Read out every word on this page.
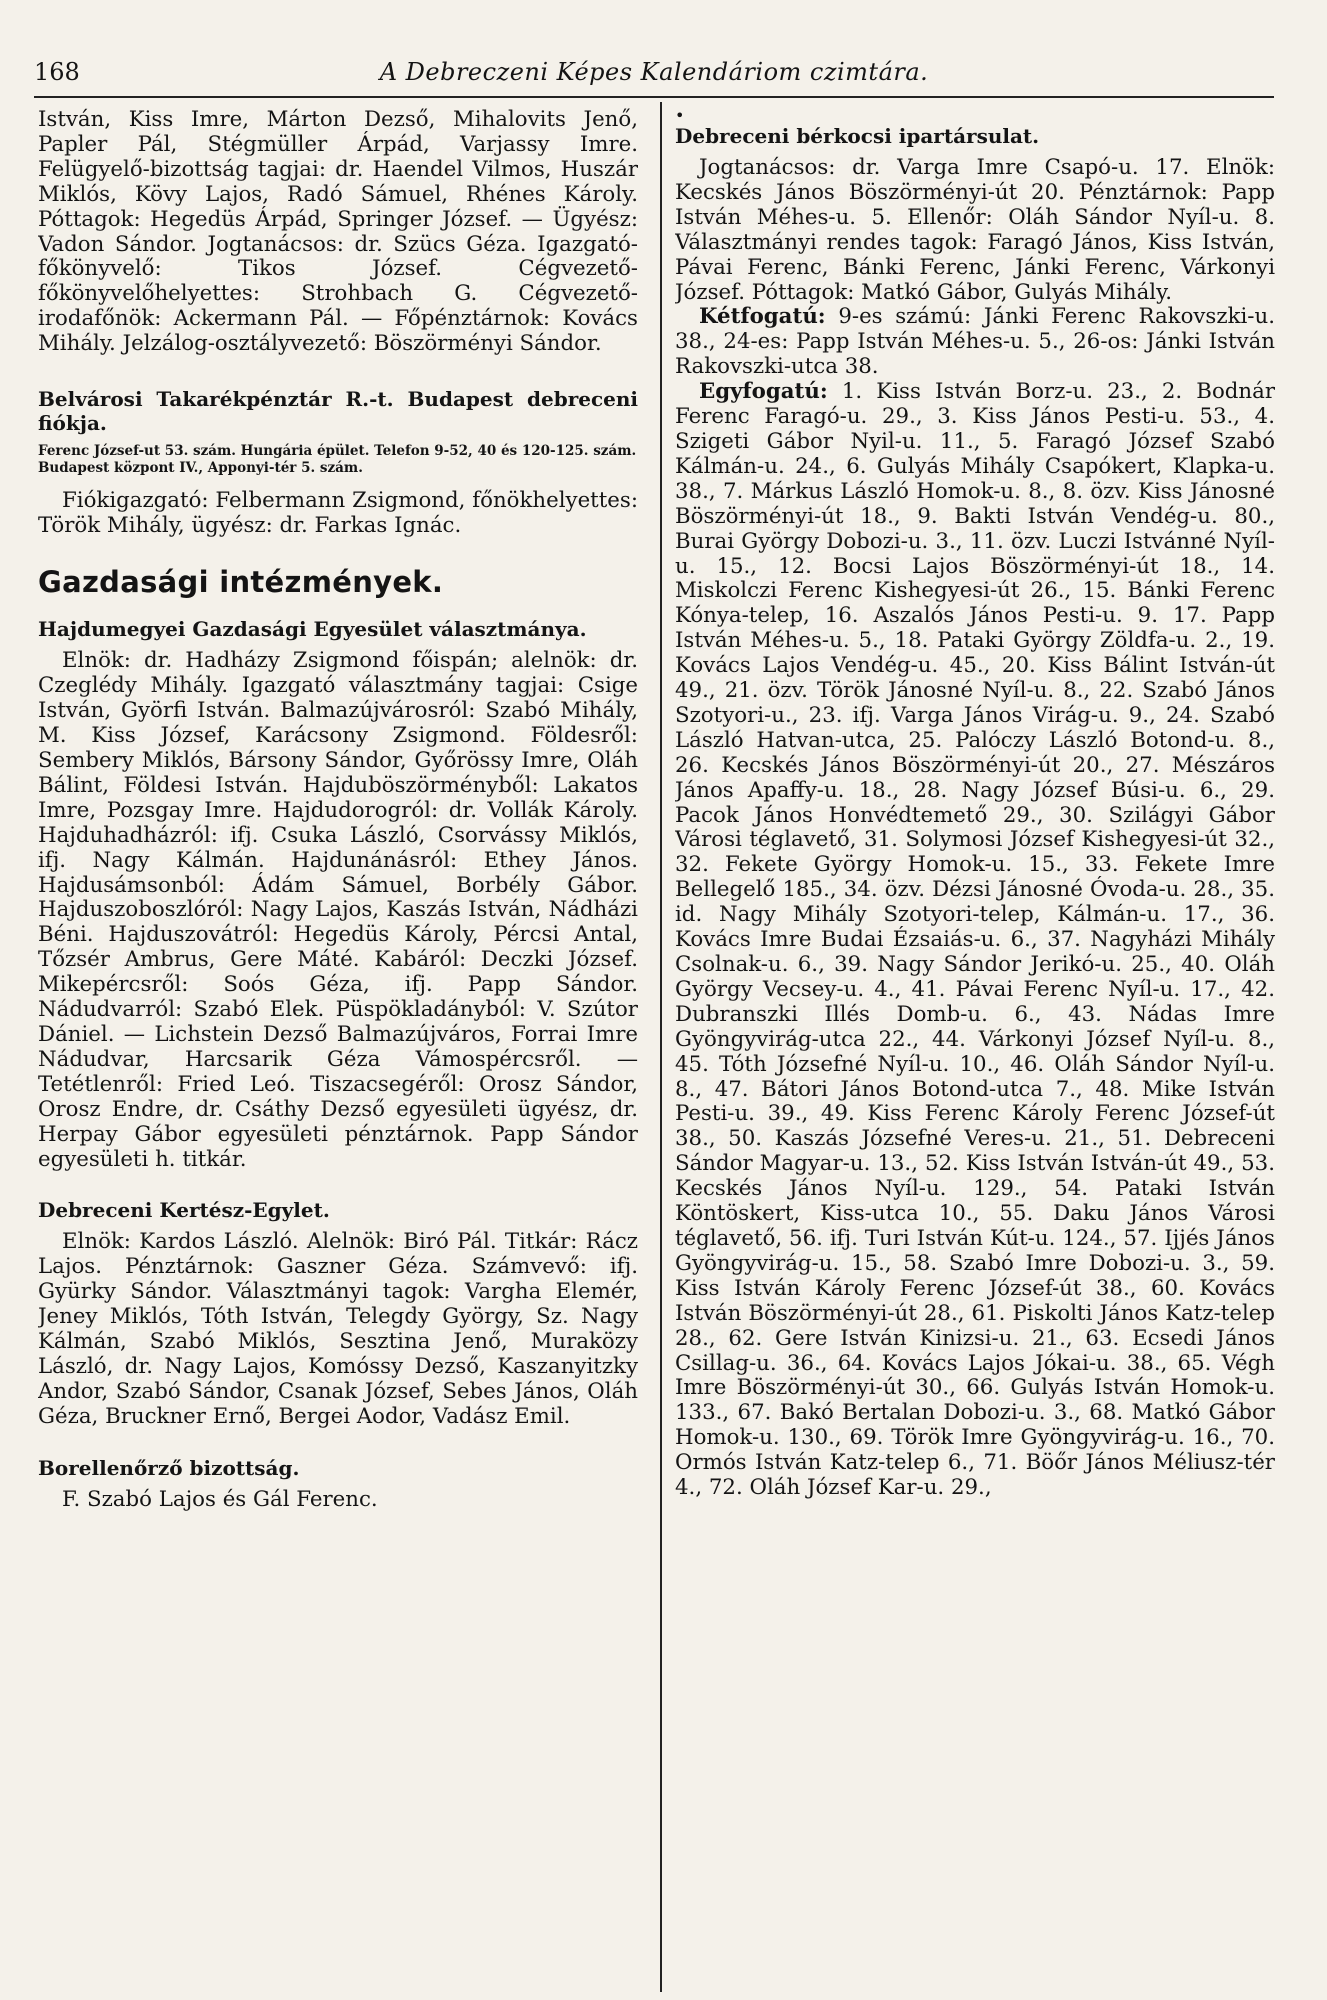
A Debreczeni Képes Kalendáriom czimtára.
168

István, Kiss Imre, Márton Dezső, Mihalovits Jenő, Papler Pál, Stégmüller Árpád, Varjassy Imre. Felügyelő-bizottság tagjai: dr. Haendel Vilmos, Huszár Miklós, Kövy Lajos, Radó Sámuel, Rhénes Károly. Póttagok: Hegedüs Árpád, Springer József. — Ügyész: Vadon Sándor. Jogtanácsos: dr. Szücs Géza. Igazgató-főkönyvelő: Tikos József. Cégvezető-főkönyvelőhelyettes: Strohbach G. Cégvezető-irodafőnök: Ackermann Pál. — Főpénztárnok: Kovács Mihály. Jelzálog-osztályvezető: Böszörményi Sándor.

Belvárosi Takarékpénztár R.-t. Budapest debreceni fiókja.

Ferenc József-ut 53. szám. Hungária épület. Telefon 9-52, 40 és 120-125. szám.

Budapest központ IV., Apponyi-tér 5. szám.

Fiókigazgató: Felbermann Zsigmond, főnökhelyettes: Török Mihály, ügyész: dr. Farkas Ignác.

Gazdasági intézmények.

Hajdumegyei Gazdasági Egyesület választmánya.

Elnök: dr. Hadházy Zsigmond főispán; alelnök: dr. Czeglédy Mihály. Igazgató választmány tagjai: Csige István, Györfi István. Balmazújvárosról: Szabó Mihály, M. Kiss József, Karácsony Zsigmond. Földesről: Sembery Miklós, Bársony Sándor, Győrössy Imre, Oláh Bálint, Földesi István. Hajduböszörményből: Lakatos Imre, Pozsgay Imre. Hajdudorogról: dr. Vollák Károly. Hajduhadházról: ifj. Csuka László, Csorvássy Miklós, ifj. Nagy Kálmán. Hajdunánásról: Ethey János. Hajdusámsonból: Ádám Sámuel, Borbély Gábor. Hajduszoboszlóról: Nagy Lajos, Kaszás István, Nádházi Béni. Hajduszovátról: Hegedüs Károly, Pércsi Antal, Tőzsér Ambrus, Gere Máté. Kabáról: Deczki József. Mikepércsről: Soós Géza, ifj. Papp Sándor. Nádudvarról: Szabó Elek. Püspökladányból: V. Szútor Dániel. — Lichstein Dezső Balmazújváros, Forrai Imre Nádudvar, Harcsarik Géza Vámospércsről. — Tetétlenről: Fried Leó. Tiszacsegéről: Orosz Sándor, Orosz Endre, dr. Csáthy Dezső egyesületi ügyész, dr. Herpay Gábor egyesületi pénztárnok. Papp Sándor egyesületi h. titkár.

Debreceni Kertész-Egylet.

Elnök: Kardos László. Alelnök: Biró Pál. Titkár: Rácz Lajos. Pénztárnok: Gaszner Géza. Számvevő: ifj. Gyürky Sándor. Választmányi tagok: Vargha Elemér, Jeney Miklós, Tóth István, Telegdy György, Sz. Nagy Kálmán, Szabó Miklós, Sesztina Jenő, Muraközy László, dr. Nagy Lajos, Komóssy Dezső, Kaszanyitzky Andor, Szabó Sándor, Csanak József, Sebes János, Oláh Géza, Bruckner Ernő, Bergei Aodor, Vadász Emil.

Borellenőrző bizottság.

F. Szabó Lajos és Gál Ferenc.

•

Debreceni bérkocsi ipartársulat.

Jogtanácsos: dr. Varga Imre Csapó-u. 17. Elnök: Kecskés János Böszörményi-út 20. Pénztárnok: Papp István Méhes-u. 5. Ellenőr: Oláh Sándor Nyíl-u. 8. Választmányi rendes tagok: Faragó János, Kiss István, Pávai Ferenc, Bánki Ferenc, Jánki Ferenc, Várkonyi József. Póttagok: Matkó Gábor, Gulyás Mihály.

Kétfogatú: 9-es számú: Jánki Ferenc Rakovszki-u. 38., 24-es: Papp István Méhes-u. 5., 26-os: Jánki István Rakovszki-utca 38.

Egyfogatú: 1. Kiss István Borz-u. 23., 2. Bodnár Ferenc Faragó-u. 29., 3. Kiss János Pesti-u. 53., 4. Szigeti Gábor Nyil-u. 11., 5. Faragó József Szabó Kálmán-u. 24., 6. Gulyás Mihály Csapókert, Klapka-u. 38., 7. Márkus László Homok-u. 8., 8. özv. Kiss Jánosné Böszörményi-út 18., 9. Bakti István Vendég-u. 80., Burai György Dobozi-u. 3., 11. özv. Luczi Istvánné Nyíl-u. 15., 12. Bocsi Lajos Böszörményi-út 18., 14. Miskolczi Ferenc Kishegyesi-út 26., 15. Bánki Ferenc Kónya-telep, 16. Aszalós János Pesti-u. 9. 17. Papp István Méhes-u. 5., 18. Pataki György Zöldfa-u. 2., 19. Kovács Lajos Vendég-u. 45., 20. Kiss Bálint István-út 49., 21. özv. Török Jánosné Nyíl-u. 8., 22. Szabó János Szotyori-u., 23. ifj. Varga János Virág-u. 9., 24. Szabó László Hatvan-utca, 25. Palóczy László Botond-u. 8., 26. Kecskés János Böszörményi-út 20., 27. Mészáros János Apaffy-u. 18., 28. Nagy József Búsi-u. 6., 29. Pacok János Honvédtemető 29., 30. Szilágyi Gábor Városi téglavető, 31. Solymosi József Kishegyesi-út 32., 32. Fekete György Homok-u. 15., 33. Fekete Imre Bellegelő 185., 34. özv. Dézsi Jánosné Óvoda-u. 28., 35. id. Nagy Mihály Szotyori-telep, Kálmán-u. 17., 36. Kovács Imre Budai Ézsaiás-u. 6., 37. Nagyházi Mihály Csolnak-u. 6., 39. Nagy Sándor Jerikó-u. 25., 40. Oláh György Vecsey-u. 4., 41. Pávai Ferenc Nyíl-u. 17., 42. Dubranszki Illés Domb-u. 6., 43. Nádas Imre Gyöngyvirág-utca 22., 44. Várkonyi József Nyíl-u. 8., 45. Tóth Józsefné Nyíl-u. 10., 46. Oláh Sándor Nyíl-u. 8., 47. Bátori János Botond-utca 7., 48. Mike István Pesti-u. 39., 49. Kiss Ferenc Károly Ferenc József-út 38., 50. Kaszás Józsefné Veres-u. 21., 51. Debreceni Sándor Magyar-u. 13., 52. Kiss István István-út 49., 53. Kecskés János Nyíl-u. 129., 54. Pataki István Köntöskert, Kiss-utca 10., 55. Daku János Városi téglavető, 56. ifj. Turi István Kút-u. 124., 57. Ijjés János Gyöngyvirág-u. 15., 58. Szabó Imre Dobozi-u. 3., 59. Kiss István Károly Ferenc József-út 38., 60. Kovács István Böszörményi-út 28., 61. Piskolti János Katz-telep 28., 62. Gere István Kinizsi-u. 21., 63. Ecsedi János Csillag-u. 36., 64. Kovács Lajos Jókai-u. 38., 65. Végh Imre Böszörményi-út 30., 66. Gulyás István Homok-u. 133., 67. Bakó Bertalan Dobozi-u. 3., 68. Matkó Gábor Homok-u. 130., 69. Török Imre Gyöngyvirág-u. 16., 70. Ormós István Katz-telep 6., 71. Böőr János Méliusz-tér 4., 72. Oláh József Kar-u. 29.,
